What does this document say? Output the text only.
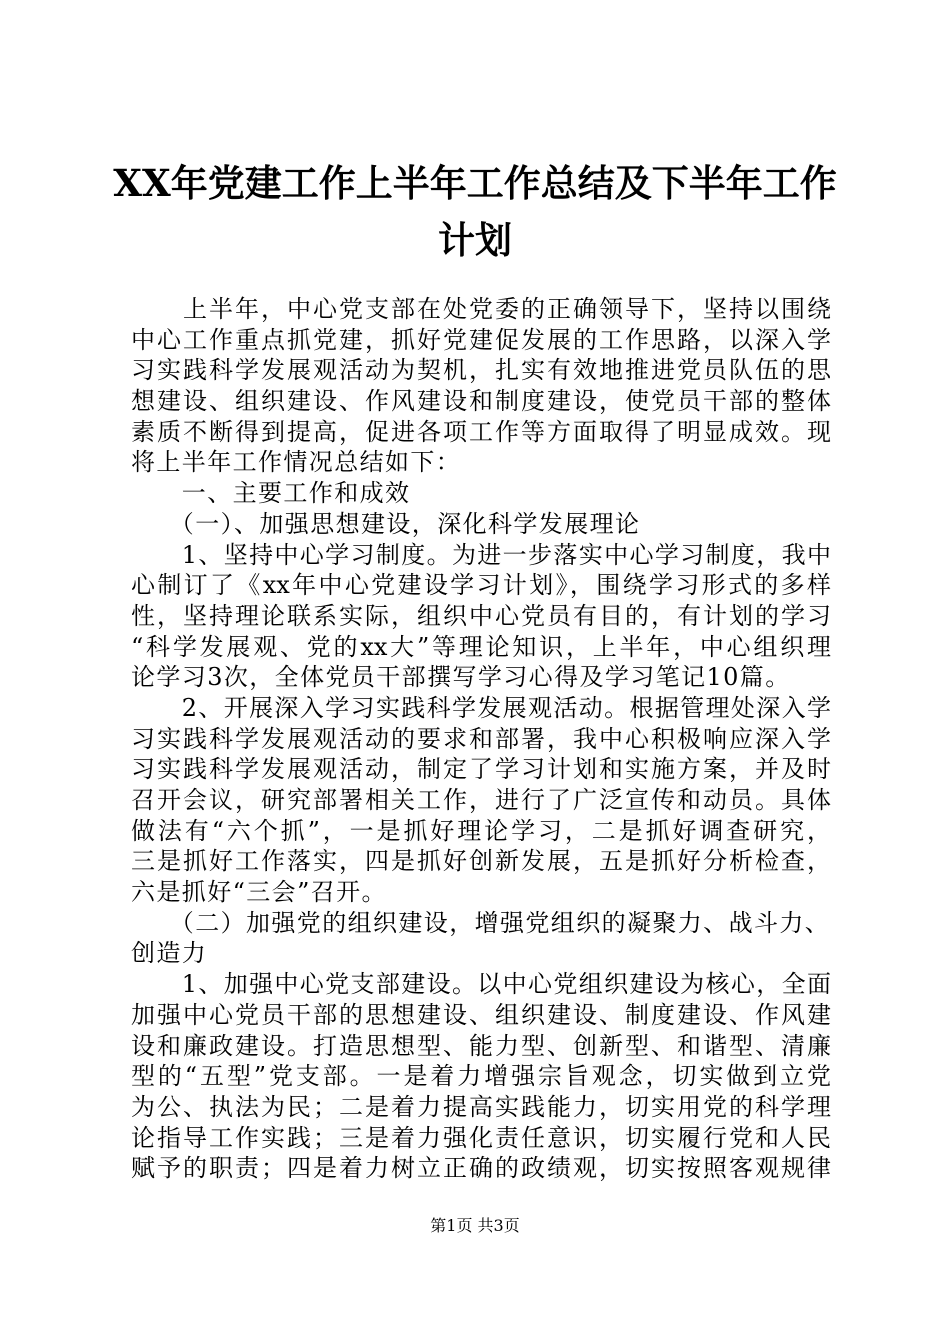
XX年党建工作上半年工作总结及下半年工作
计划
　　上半年，中心党支部在处党委的正确领导下，坚持以围绕
中心工作重点抓党建，抓好党建促发展的工作思路，以深入学
习实践科学发展观活动为契机，扎实有效地推进党员队伍的思
想建设、组织建设、作风建设和制度建设，使党员干部的整体
素质不断得到提高，促进各项工作等方面取得了明显成效。现
将上半年工作情况总结如下：
　　一、主要工作和成效
　　（一）、加强思想建设，深化科学发展理论
　　1、坚持中心学习制度。为进一步落实中心学习制度，我中
心制订了《xx年中心党建设学习计划》，围绕学习形式的多样
性，坚持理论联系实际，组织中心党员有目的，有计划的学习
“科学发展观、党的xx大”等理论知识，上半年，中心组织理
论学习3次，全体党员干部撰写学习心得及学习笔记10篇。
　　2、开展深入学习实践科学发展观活动。根据管理处深入学
习实践科学发展观活动的要求和部署，我中心积极响应深入学
习实践科学发展观活动，制定了学习计划和实施方案，并及时
召开会议，研究部署相关工作，进行了广泛宣传和动员。具体
做法有“六个抓”，一是抓好理论学习，二是抓好调查研究，
三是抓好工作落实，四是抓好创新发展，五是抓好分析检查，
六是抓好“三会”召开。
　　（二）加强党的组织建设，增强党组织的凝聚力、战斗力、
创造力
　　1、加强中心党支部建设。以中心党组织建设为核心，全面
加强中心党员干部的思想建设、组织建设、制度建设、作风建
设和廉政建设。打造思想型、能力型、创新型、和谐型、清廉
型的“五型”党支部。一是着力增强宗旨观念，切实做到立党
为公、执法为民；二是着力提高实践能力，切实用党的科学理
论指导工作实践；三是着力强化责任意识，切实履行党和人民
赋予的职责；四是着力树立正确的政绩观，切实按照客观规律
第1页 共3页
